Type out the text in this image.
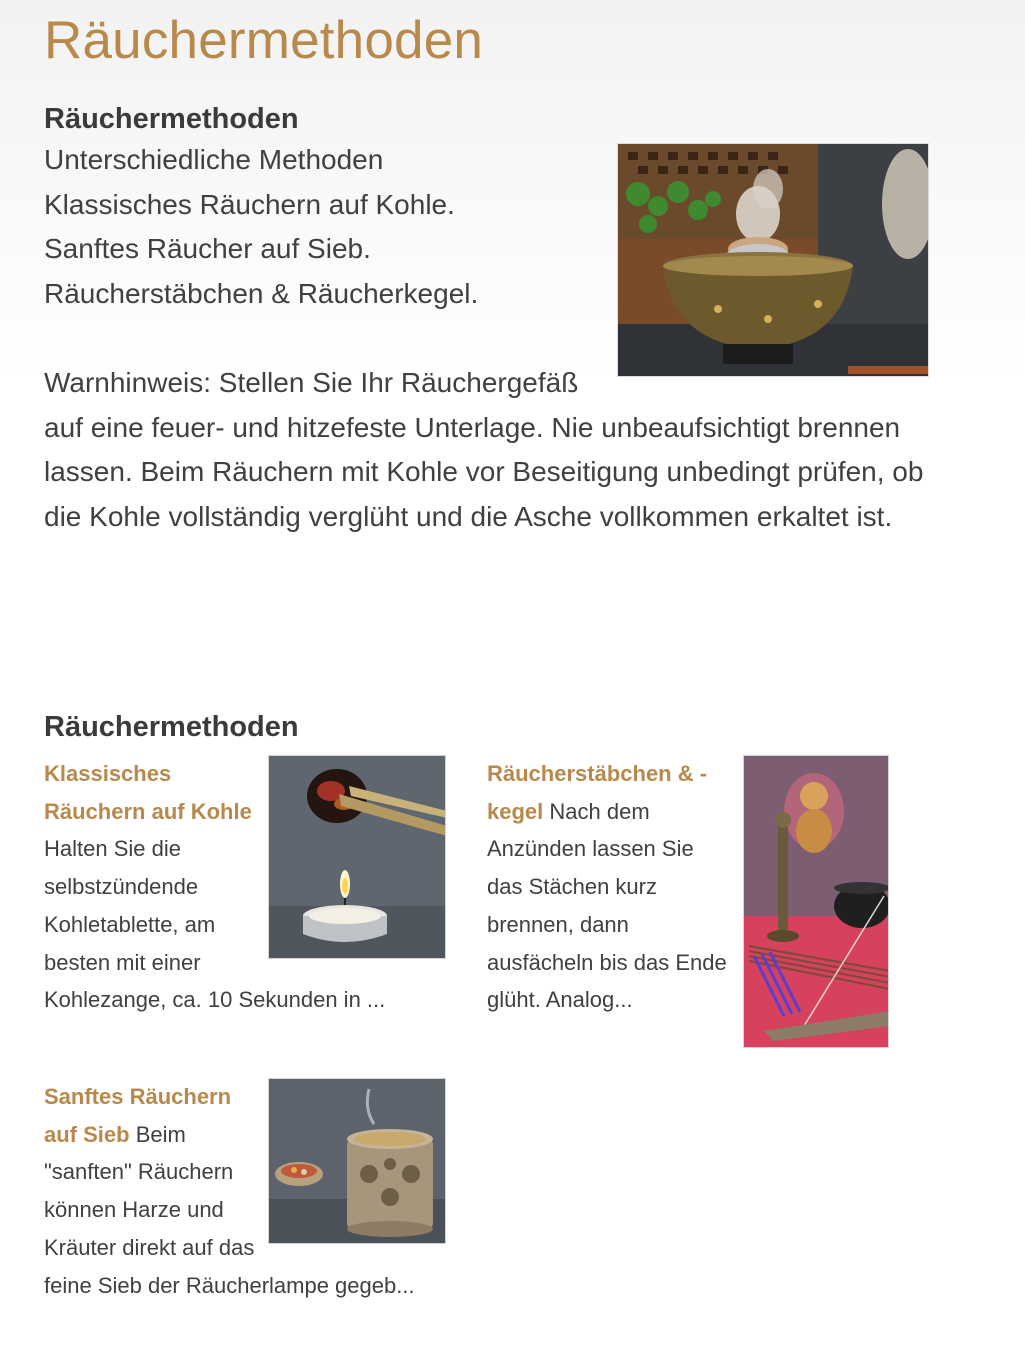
Räuchermethoden
Räuchermethoden

Unterschiedliche Methoden

Klassisches Räuchern auf Kohle.

Sanftes Räucher auf Sieb.

Räucherstäbchen & Räucherkegel.

Warnhinweis: Stellen Sie Ihr Räuchergefäß auf eine feuer- und hitzefeste Unterlage. Nie unbeaufsichtigt brennen lassen. Beim Räuchern mit Kohle vor Beseitigung unbedingt prüfen, ob die Kohle vollständig verglüht und die Asche vollkommen erkaltet ist.

Räuchermethoden
Klassisches Räuchern auf Kohle Halten Sie die selbstzündende Kohletablette, am besten mit einer Kohlezange, ca. 10 Sekunden in ...
Räucherstäbchen & -kegel Nach dem Anzünden lassen Sie das Stächen kurz brennen, dann ausfächeln bis das Ende glüht. Analog...
Sanftes Räuchern auf Sieb Beim "sanften" Räuchern können Harze und Kräuter direkt auf das feine Sieb der Räucherlampe gegeb...
